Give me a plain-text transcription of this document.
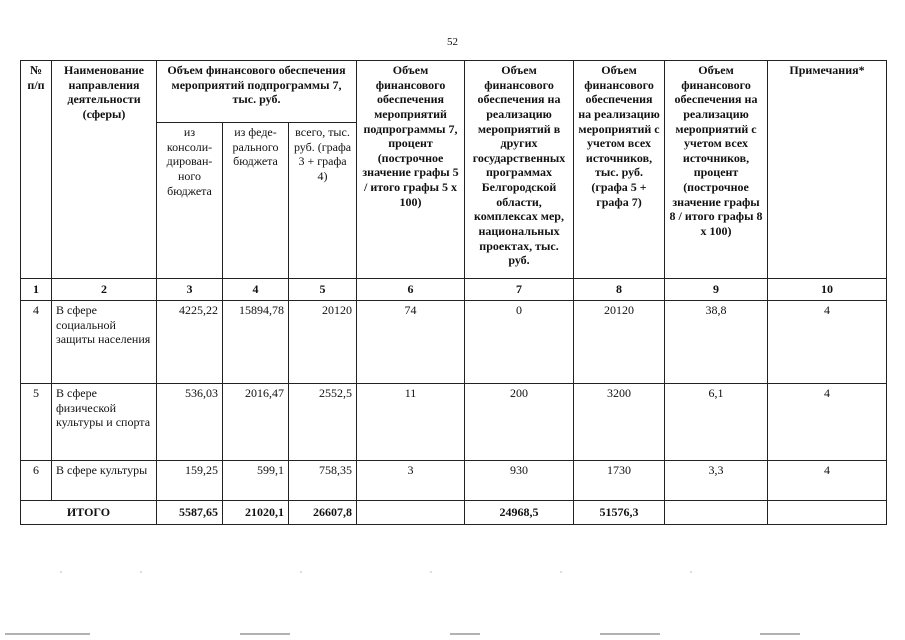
52
№ п/п	Наименование направления деятельности (сферы)	Объем финансового обеспечения мероприятий подпрограммы 7, тыс. руб.			Объем финансового обеспечения мероприятий подпрограммы 7, процент (построчное значение графы 5 / итого графы 5 х 100)	Объем финансового обеспечения на реализацию мероприятий в других государственных программах Белгородской области, комплексах мер, национальных проектах, тыс. руб.	Объем финансового обеспечения на реализацию мероприятий с учетом всех источников, тыс. руб. (графа 5 + графа 7)	Объем финансового обеспечения на реализацию мероприятий с учетом всех источников, процент (построчное значение графы 8 / итого графы 8 х 100)	Примечания*
		из консоли-дирован-ного бюджета	из феде-рального бюджета	всего, тыс. руб. (графа 3 + графа 4)					
1	2	3	4	5	6	7	8	9	10
4	В сфере социальной защиты населения	4225,22	15894,78	20120	74	0	20120	38,8	4
5	В сфере физической культуры и спорта	536,03	2016,47	2552,5	11	200	3200	6,1	4
6	В сфере культуры	159,25	599,1	758,35	3	930	1730	3,3	4
ИТОГО		5587,65	21020,1	26607,8		24968,5	51576,3		
